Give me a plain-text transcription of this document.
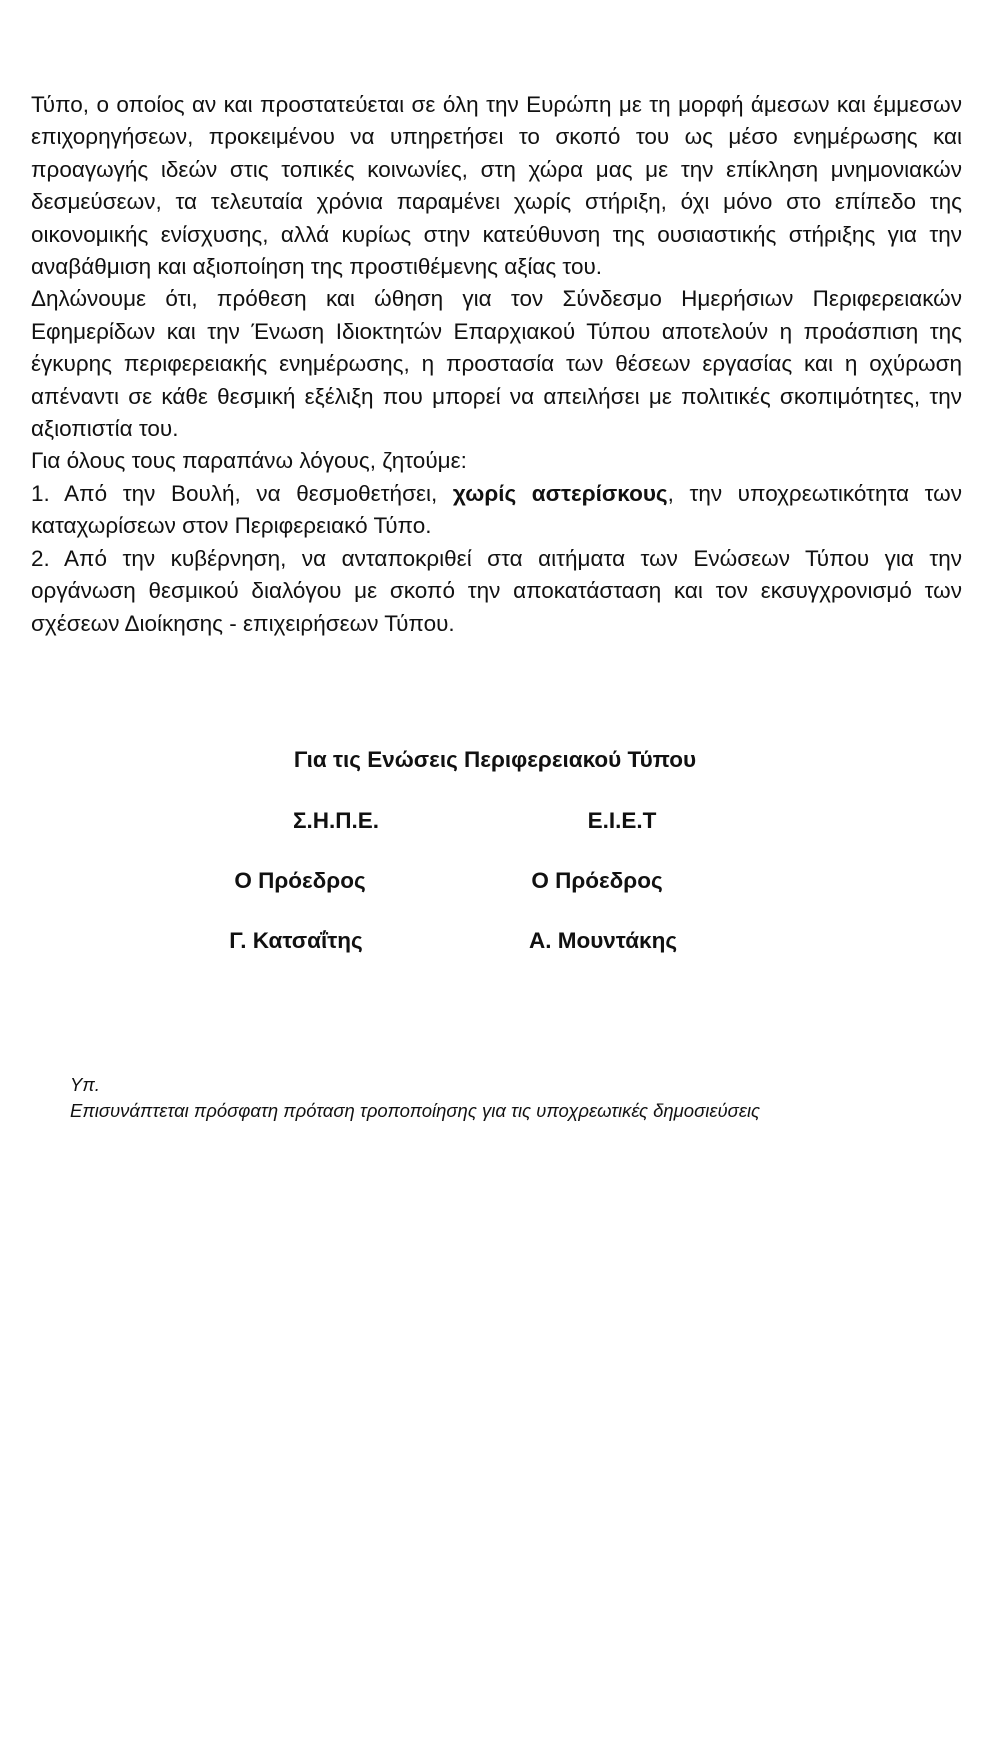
Τύπο, ο οποίος αν και προστατεύεται σε όλη την Ευρώπη με τη μορφή άμεσων και έμμεσων επιχορηγήσεων, προκειμένου να υπηρετήσει το σκοπό του ως μέσο ενημέρωσης και προαγωγής ιδεών στις τοπικές κοινωνίες, στη χώρα μας με την επίκληση μνημονιακών δεσμεύσεων, τα τελευταία χρόνια παραμένει χωρίς στήριξη, όχι μόνο στο επίπεδο της οικονομικής ενίσχυσης, αλλά κυρίως στην κατεύθυνση της ουσιαστικής στήριξης για την αναβάθμιση και αξιοποίηση της προστιθέμενης αξίας του.

Δηλώνουμε ότι, πρόθεση και ώθηση για τον Σύνδεσμο Ημερήσιων Περιφερειακών Εφημερίδων και την Ένωση Ιδιοκτητών Επαρχιακού Τύπου αποτελούν η προάσπιση της έγκυρης περιφερειακής ενημέρωσης, η προστασία των θέσεων εργασίας και η οχύρωση απέναντι σε κάθε θεσμική εξέλιξη που μπορεί να απειλήσει με πολιτικές σκοπιμότητες, την αξιοπιστία του.

Για όλους τους παραπάνω λόγους, ζητούμε:

1. Από την Βουλή, να θεσμοθετήσει, χωρίς αστερίσκους, την υποχρεωτικότητα των καταχωρίσεων στον Περιφερειακό Τύπο.

2. Από την κυβέρνηση, να ανταποκριθεί στα αιτήματα των Ενώσεων Τύπου για την οργάνωση θεσμικού διαλόγου με σκοπό την αποκατάσταση και τον εκσυγχρονισμό των σχέσεων Διοίκησης - επιχειρήσεων Τύπου.

Για τις Ενώσεις Περιφερειακού Τύπου
Σ.Η.Π.Ε.	Ε.Ι.Ε.Τ
Ο Πρόεδρος	Ο Πρόεδρος
Γ. Κατσαΐτης	Α. Μουντάκης
Υπ.
Επισυνάπτεται πρόσφατη πρόταση τροποποίησης για τις υποχρεωτικές δημοσιεύσεις
